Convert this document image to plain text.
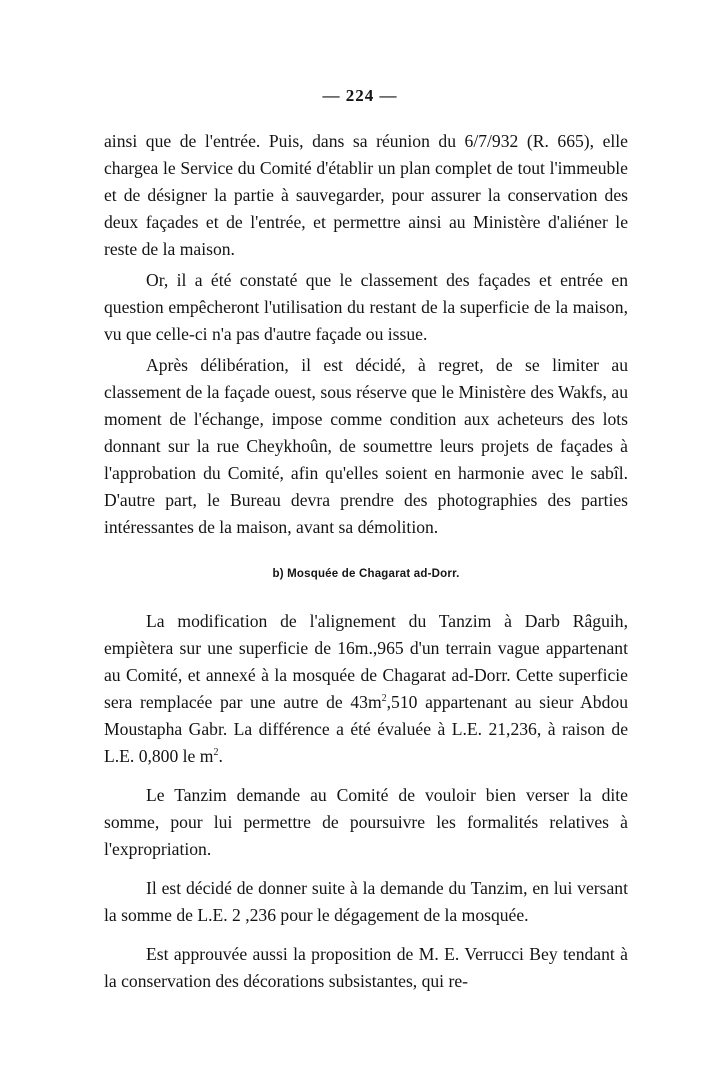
— 224 —

ainsi que de l'entrée. Puis, dans sa réunion du 6/7/932 (R. 665), elle chargea le Service du Comité d'établir un plan complet de tout l'immeuble et de désigner la partie à sauvegarder, pour assurer la conservation des deux façades et de l'entrée, et permettre ainsi au Ministère d'aliéner le reste de la maison.

Or, il a été constaté que le classement des façades et entrée en question empêcheront l'utilisation du restant de la superficie de la maison, vu que celle-ci n'a pas d'autre façade ou issue.

Après délibération, il est décidé, à regret, de se limiter au classement de la façade ouest, sous réserve que le Ministère des Wakfs, au moment de l'échange, impose comme condition aux acheteurs des lots donnant sur la rue Cheykhoûn, de soumettre leurs projets de façades à l'approbation du Comité, afin qu'elles soient en harmonie avec le sabîl. D'autre part, le Bureau devra prendre des photographies des parties intéressantes de la maison, avant sa démolition.

b) Mosquée de Chagarat ad-Dorr.

La modification de l'alignement du Tanzim à Darb Râguih, empiètera sur une superficie de 16m.,965 d'un terrain vague appartenant au Comité, et annexé à la mosquée de Chagarat ad-Dorr. Cette superficie sera remplacée par une autre de $43m^2,510$ appartenant au sieur Abdou Moustapha Gabr. La différence a été évaluée à L.E. 21,236, à raison de L.E. 0,800 le $m^2$.

Le Tanzim demande au Comité de vouloir bien verser la dite somme, pour lui permettre de poursuivre les formalités relatives à l'expropriation.

Il est décidé de donner suite à la demande du Tanzim, en lui versant la somme de L.E. 2 ,236 pour le dégagement de la mosquée.

Est approuvée aussi la proposition de M. E. Verrucci Bey tendant à la conservation des décorations subsistantes, qui re-
